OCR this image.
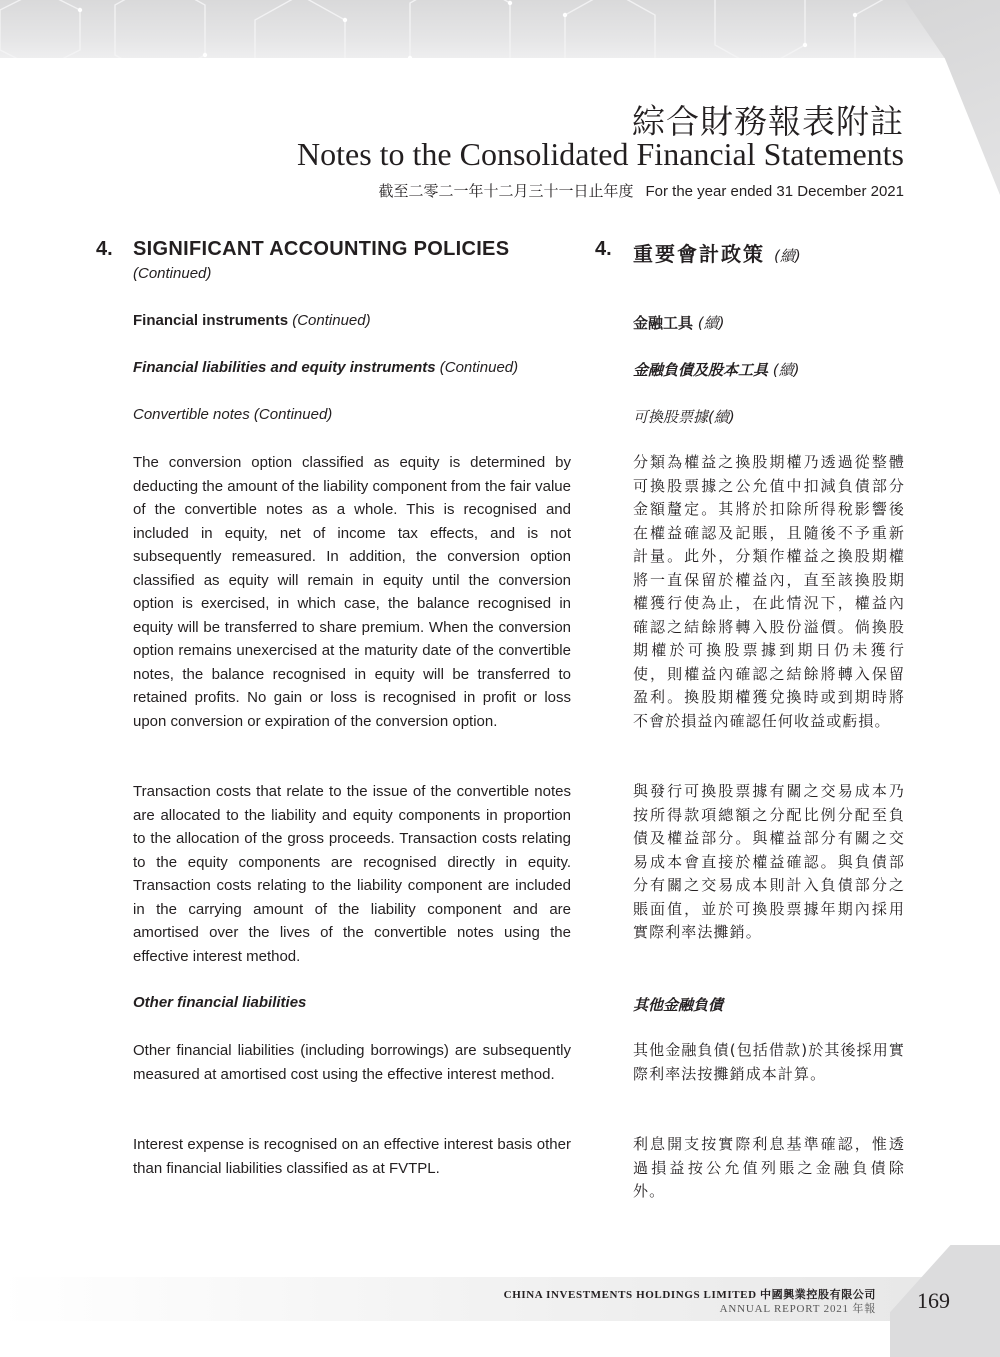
綜合財務報表附註
Notes to the Consolidated Financial Statements
截至二零二一年十二月三十一日止年度 For the year ended 31 December 2021
4. SIGNIFICANT ACCOUNTING POLICIES
(Continued)
4. 重要會計政策 (續)
Financial instruments (Continued)	金融工具 (續)
Financial liabilities and equity instruments (Continued)	金融負債及股本工具 (續)
Convertible notes (Continued)	可換股票據(續)

The conversion option classified as equity is determined by deducting the amount of the liability component from the fair value of the convertible notes as a whole. This is recognised and included in equity, net of income tax effects, and is not subsequently remeasured. In addition, the conversion option classified as equity will remain in equity until the conversion option is exercised, in which case, the balance recognised in equity will be transferred to share premium. When the conversion option remains unexercised at the maturity date of the convertible notes, the balance recognised in equity will be transferred to retained profits. No gain or loss is recognised in profit or loss upon conversion or expiration of the conversion option.

分類為權益之換股期權乃透過從整體可換股票據之公允值中扣減負債部分金額釐定。其將於扣除所得稅影響後在權益確認及記賬，且隨後不予重新計量。此外，分類作權益之換股期權將一直保留於權益內，直至該換股期權獲行使為止，在此情況下，權益內確認之結餘將轉入股份溢價。倘換股期權於可換股票據到期日仍未獲行使，則權益內確認之結餘將轉入保留盈利。換股期權獲兌換時或到期時將不會於損益內確認任何收益或虧損。

Transaction costs that relate to the issue of the convertible notes are allocated to the liability and equity components in proportion to the allocation of the gross proceeds. Transaction costs relating to the equity components are recognised directly in equity. Transaction costs relating to the liability component are included in the carrying amount of the liability component and are amortised over the lives of the convertible notes using the effective interest method.

與發行可換股票據有關之交易成本乃按所得款項總額之分配比例分配至負債及權益部分。與權益部分有關之交易成本會直接於權益確認。與負債部分有關之交易成本則計入負債部分之賬面值，並於可換股票據年期內採用實際利率法攤銷。

Other financial liabilities	其他金融負債

Other financial liabilities (including borrowings) are subsequently measured at amortised cost using the effective interest method.

其他金融負債(包括借款)於其後採用實際利率法按攤銷成本計算。

Interest expense is recognised on an effective interest basis other than financial liabilities classified as at FVTPL.

利息開支按實際利息基準確認，惟透過損益按公允值列賬之金融負債除外。

CHINA INVESTMENTS HOLDINGS LIMITED 中國興業控股有限公司
ANNUAL REPORT 2021 年報 169
